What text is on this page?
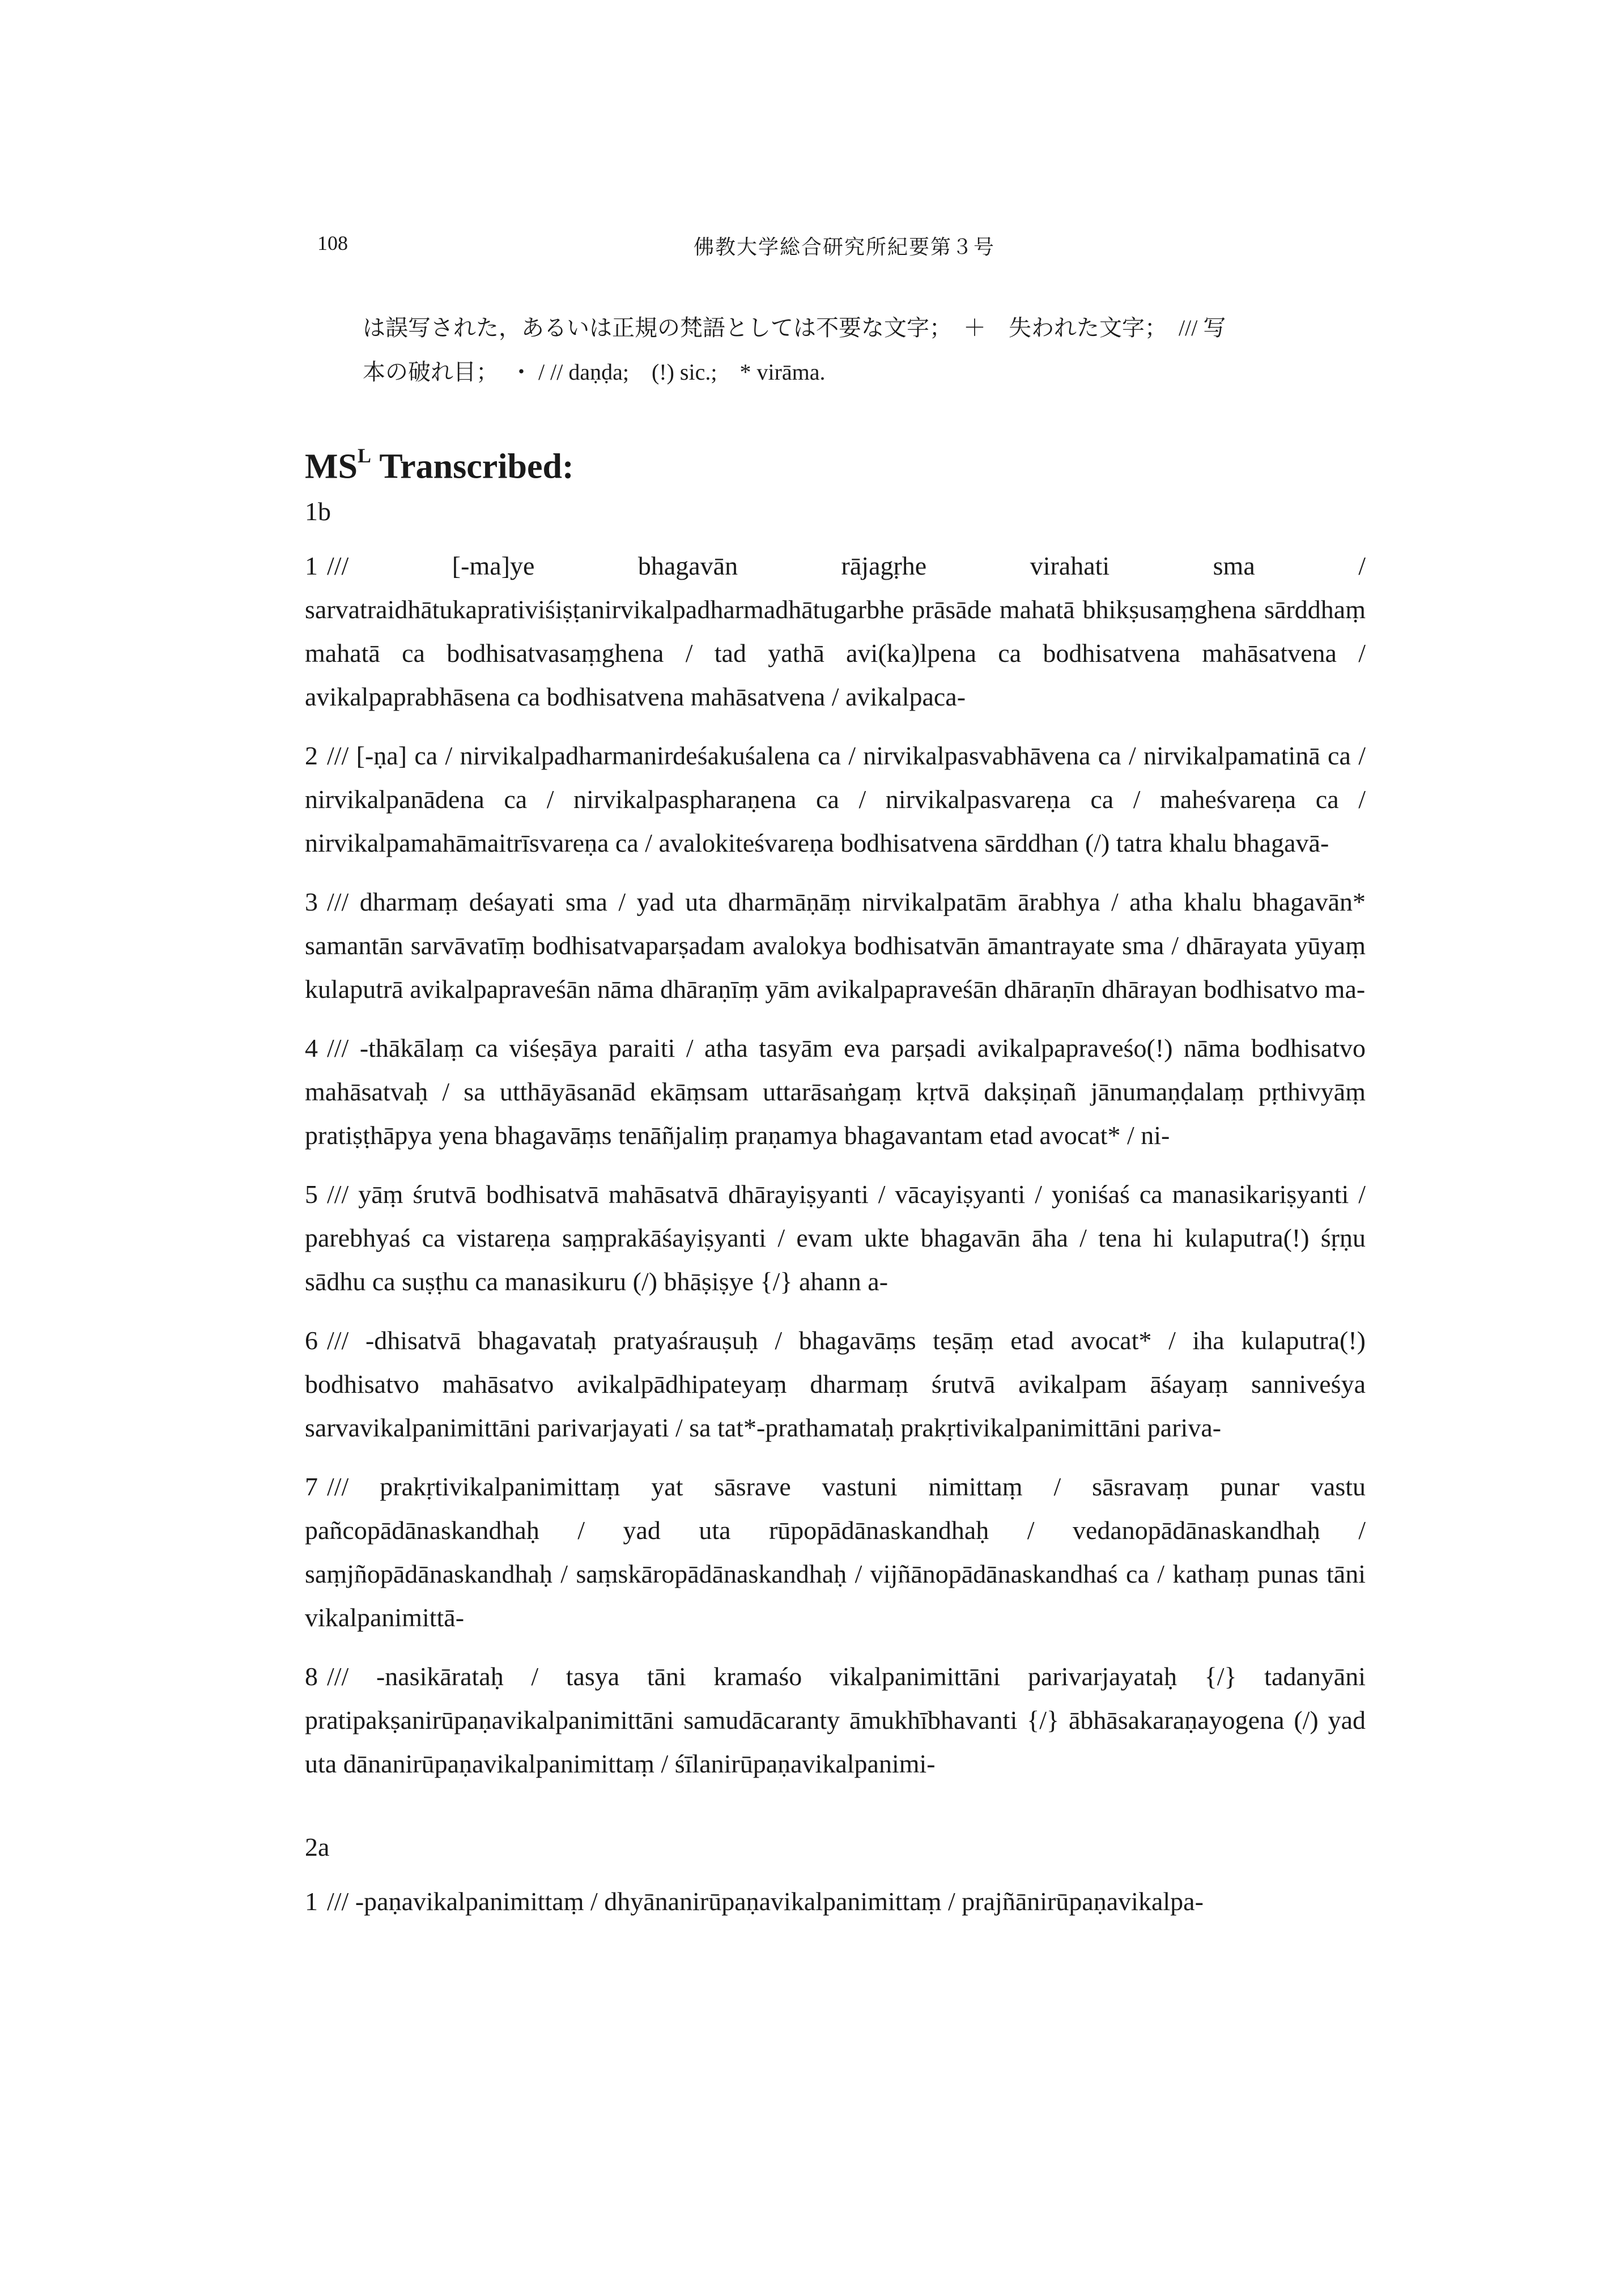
108	佛教大学総合研究所紀要第３号
は誤写された，あるいは正規の梵語としては不要な文字；　＋　失われた文字；　/// 写
本の破れ目；　・ / // daṇḍa;　(!) sic.;　* virāma.
$MS^L$ Transcribed:
1b

1 /// [-ma]ye bhagavān rājagṛhe virahati sma / sarvatraidhātukaprativiśiṣṭanirvikalpadharmadhātugarbhe prāsāde mahatā bhikṣusaṃghena sārddhaṃ mahatā ca bodhisatvasaṃghena / tad yathā avi(ka)lpena ca bodhisatvena mahāsatvena / avikalpaprabhāsena ca bodhisatvena mahāsatvena / avikalpaca-

2 /// [-ṇa] ca / nirvikalpadharmanirdeśakuśalena ca / nirvikalpasvabhāvena ca / nirvikalpamatinā ca / nirvikalpanādena ca / nirvikalpaspharaṇena ca / nirvikalpasvareṇa ca / maheśvareṇa ca / nirvikalpamahāmaitrīsvareṇa ca / avalokiteśvareṇa bodhisatvena sārddhan (/) tatra khalu bhagavā-

3 /// dharmaṃ deśayati sma / yad uta dharmāṇāṃ nirvikalpatām ārabhya / atha khalu bhagavān* samantān sarvāvatīṃ bodhisatvaparṣadam avalokya bodhisatvān āmantrayate sma / dhārayata yūyaṃ kulaputrā avikalpapraveśān nāma dhāraṇīṃ yām avikalpapraveśān dhāraṇīn dhārayan bodhisatvo ma-

4 /// -thākālaṃ ca viśeṣāya paraiti / atha tasyām eva parṣadi avikalpapraveśo(!) nāma bodhisatvo mahāsatvaḥ / sa utthāyāsanād ekāṃsam uttarāsaṅgaṃ kṛtvā dakṣiṇañ jānumaṇḍalaṃ pṛthivyāṃ pratiṣṭhāpya yena bhagavāṃs tenāñjaliṃ praṇamya bhagavantam etad avocat* / ni-

5 /// yāṃ śrutvā bodhisatvā mahāsatvā dhārayiṣyanti / vācayiṣyanti / yoniśaś ca manasikariṣyanti / parebhyaś ca vistareṇa saṃprakāśayiṣyanti / evam ukte bhagavān āha / tena hi kulaputra(!) śṛṇu sādhu ca suṣṭhu ca manasikuru (/) bhāṣiṣye {/} ahann a-

6 /// -dhisatvā bhagavataḥ pratyaśrauṣuḥ / bhagavāṃs teṣāṃ etad avocat* / iha kulaputra(!) bodhisatvo mahāsatvo avikalpādhipateyaṃ dharmaṃ śrutvā avikalpam āśayaṃ sanniveśya sarvavikalpanimittāni parivarjayati / sa tat*-prathamataḥ prakṛtivikalpanimittāni pariva-

7 /// prakṛtivikalpanimittaṃ yat sāsrave vastuni nimittaṃ / sāsravaṃ punar vastu pañcopādānaskandhaḥ / yad uta rūpopādānaskandhaḥ / vedanopādānaskandhaḥ / saṃjñopādānaskandhaḥ / saṃskāropādānaskandhaḥ / vijñānopādānaskandhaś ca / kathaṃ punas tāni vikalpanimittā-

8 /// -nasikārataḥ / tasya tāni kramaśo vikalpanimittāni parivarjayataḥ {/} tadanyāni pratipakṣanirūpaṇavikalpanimittāni samudācaranty āmukhībhavanti {/} ābhāsakaraṇayogena (/) yad uta dānanirūpaṇavikalpanimittaṃ / śīlanirūpaṇavikalpanimi-

2a

1 /// -paṇavikalpanimittaṃ / dhyānanirūpaṇavikalpanimittaṃ / prajñānirūpaṇavikalpa-
